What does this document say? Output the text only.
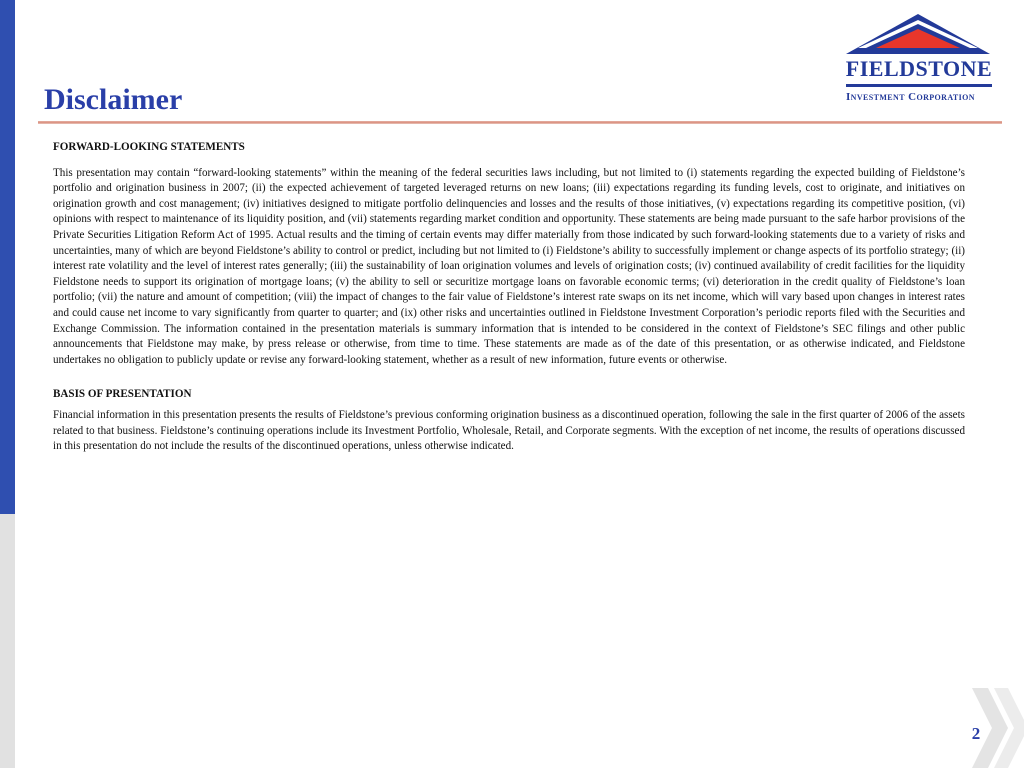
Disclaimer
FIELDSTONE
Investment Corporation
FORWARD-LOOKING STATEMENTS

This presentation may contain “forward-looking statements” within the meaning of the federal securities laws including, but not limited to (i) statements regarding the expected building of Fieldstone’s portfolio and origination business in 2007; (ii) the expected achievement of targeted leveraged returns on new loans; (iii) expectations regarding its funding levels, cost to originate, and initiatives on origination growth and cost management; (iv) initiatives designed to mitigate portfolio delinquencies and losses and the results of those initiatives, (v) expectations regarding its competitive position, (vi) opinions with respect to maintenance of its liquidity position, and (vii) statements regarding market condition and opportunity. These statements are being made pursuant to the safe harbor provisions of the Private Securities Litigation Reform Act of 1995. Actual results and the timing of certain events may differ materially from those indicated by such forward-looking statements due to a variety of risks and uncertainties, many of which are beyond Fieldstone’s ability to control or predict, including but not limited to (i) Fieldstone’s ability to successfully implement or change aspects of its portfolio strategy; (ii) interest rate volatility and the level of interest rates generally; (iii) the sustainability of loan origination volumes and levels of origination costs; (iv) continued availability of credit facilities for the liquidity Fieldstone needs to support its origination of mortgage loans; (v) the ability to sell or securitize mortgage loans on favorable economic terms; (vi) deterioration in the credit quality of Fieldstone’s loan portfolio; (vii) the nature and amount of competition; (viii) the impact of changes to the fair value of Fieldstone’s interest rate swaps on its net income, which will vary based upon changes in interest rates and could cause net income to vary significantly from quarter to quarter; and (ix) other risks and uncertainties outlined in Fieldstone Investment Corporation’s periodic reports filed with the Securities and Exchange Commission. The information contained in the presentation materials is summary information that is intended to be considered in the context of Fieldstone’s SEC filings and other public announcements that Fieldstone may make, by press release or otherwise, from time to time. These statements are made as of the date of this presentation, or as otherwise indicated, and Fieldstone undertakes no obligation to publicly update or revise any forward-looking statement, whether as a result of new information, future events or otherwise.

BASIS OF PRESENTATION

Financial information in this presentation presents the results of Fieldstone’s previous conforming origination business as a discontinued operation, following the sale in the first quarter of 2006 of the assets related to that business. Fieldstone’s continuing operations include its Investment Portfolio, Wholesale, Retail, and Corporate segments. With the exception of net income, the results of operations discussed in this presentation do not include the results of the discontinued operations, unless otherwise indicated.

2
